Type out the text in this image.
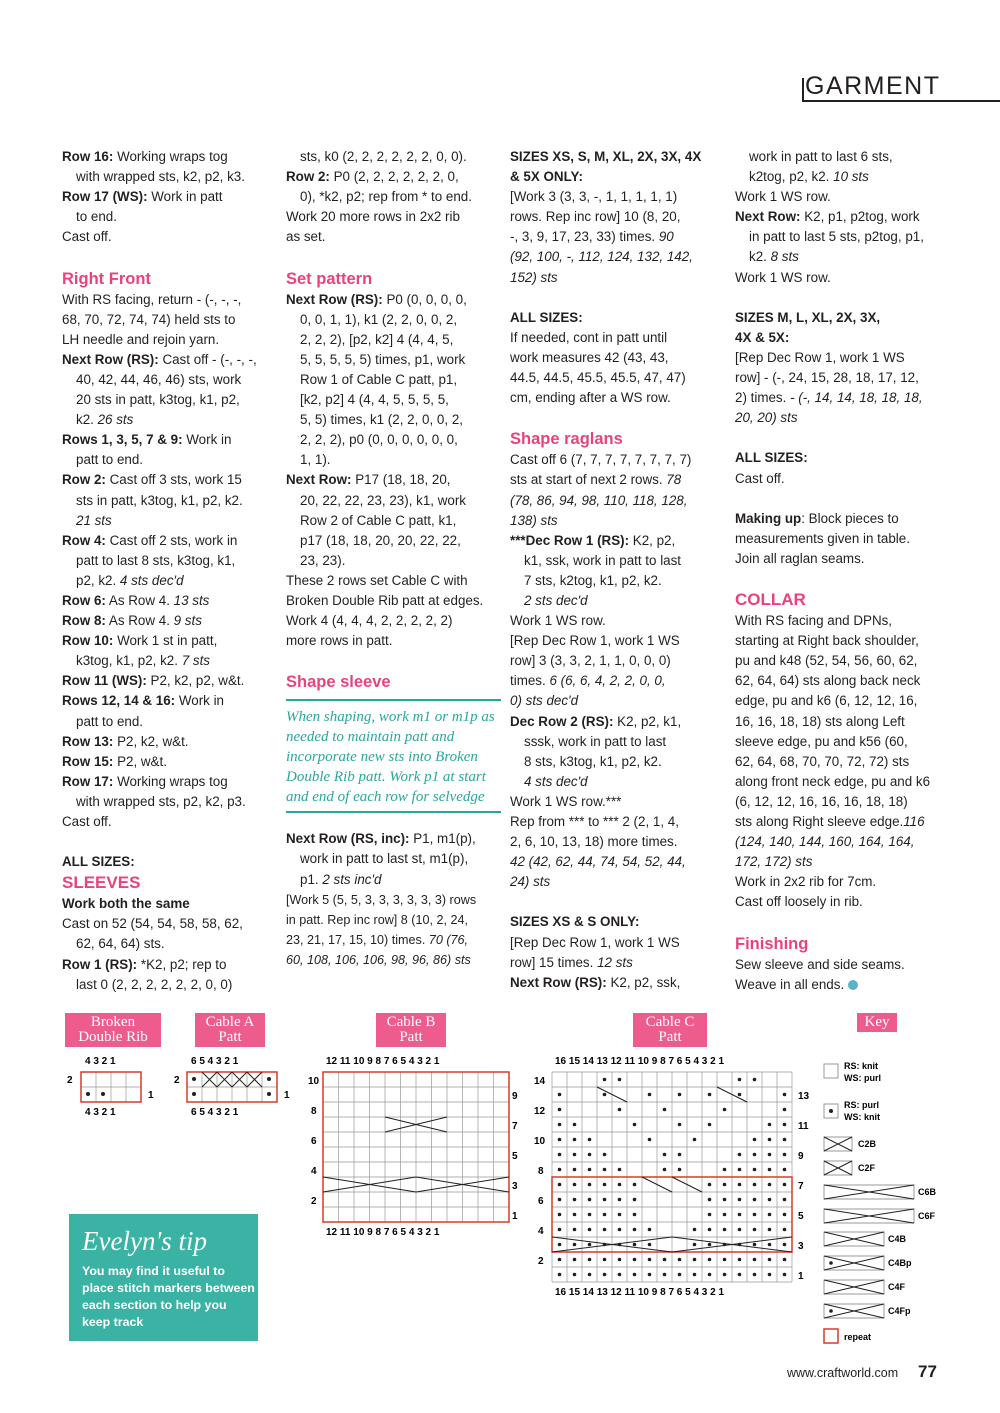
GARMENT

Row 16: Working wraps tog

with wrapped sts, k2, p2, k3.

Row 17 (WS): Work in patt

to end.

Cast off.

Right Front

With RS facing, return - (-, -, -,

68, 70, 72, 74, 74) held sts to

LH needle and rejoin yarn.

Next Row (RS): Cast off - (-, -, -,

40, 42, 44, 46, 46) sts, work

20 sts in patt, k3tog, k1, p2,

k2. 26 sts

Rows 1, 3, 5, 7 & 9: Work in

patt to end.

Row 2: Cast off 3 sts, work 15

sts in patt, k3tog, k1, p2, k2.

21 sts

Row 4: Cast off 2 sts, work in

patt to last 8 sts, k3tog, k1,

p2, k2. 4 sts dec'd

Row 6: As Row 4. 13 sts

Row 8: As Row 4. 9 sts

Row 10: Work 1 st in patt,

k3tog, k1, p2, k2. 7 sts

Row 11 (WS): P2, k2, p2, w&t.

Rows 12, 14 & 16: Work in

patt to end.

Row 13: P2, k2, w&t.

Row 15: P2, w&t.

Row 17: Working wraps tog

with wrapped sts, p2, k2, p3.

Cast off.

ALL SIZES:

SLEEVES

Work both the same

Cast on 52 (54, 54, 58, 58, 62,

62, 64, 64) sts.

Row 1 (RS): *K2, p2; rep to

last 0 (2, 2, 2, 2, 2, 2, 0, 0)

sts, k0 (2, 2, 2, 2, 2, 2, 0, 0).

Row 2: P0 (2, 2, 2, 2, 2, 2, 0,

0), *k2, p2; rep from * to end.

Work 20 more rows in 2x2 rib

as set.

Set pattern

Next Row (RS): P0 (0, 0, 0, 0,

0, 0, 1, 1), k1 (2, 2, 0, 0, 2,

2, 2, 2), [p2, k2] 4 (4, 4, 5,

5, 5, 5, 5, 5) times, p1, work

Row 1 of Cable C patt, p1,

[k2, p2] 4 (4, 4, 5, 5, 5, 5,

5, 5) times, k1 (2, 2, 0, 0, 2,

2, 2, 2), p0 (0, 0, 0, 0, 0, 0,

1, 1).

Next Row: P17 (18, 18, 20,

20, 22, 22, 23, 23), k1, work

Row 2 of Cable C patt, k1,

p17 (18, 18, 20, 20, 22, 22,

23, 23).

These 2 rows set Cable C with

Broken Double Rib patt at edges.

Work 4 (4, 4, 4, 2, 2, 2, 2, 2)

more rows in patt.

Shape sleeve

When shaping, work m1 or m1p as needed to maintain patt and incorporate new sts into Broken Double Rib patt. Work p1 at start and end of each row for selvedge

Next Row (RS, inc): P1, m1(p),

work in patt to last st, m1(p),

p1. 2 sts inc'd

[Work 5 (5, 5, 3, 3, 3, 3, 3, 3) rows

in patt. Rep inc row] 8 (10, 2, 24,

23, 21, 17, 15, 10) times. 70 (76,

60, 108, 106, 106, 98, 96, 86) sts

SIZES XS, S, M, XL, 2X, 3X, 4X

& 5X ONLY:

[Work 3 (3, 3, -, 1, 1, 1, 1, 1)

rows. Rep inc row] 10 (8, 20,

-, 3, 9, 17, 23, 33) times. 90

(92, 100, -, 112, 124, 132, 142,

152) sts

ALL SIZES:

If needed, cont in patt until

work measures 42 (43, 43,

44.5, 44.5, 45.5, 45.5, 47, 47)

cm, ending after a WS row.

Shape raglans

Cast off 6 (7, 7, 7, 7, 7, 7, 7, 7)

sts at start of next 2 rows. 78

(78, 86, 94, 98, 110, 118, 128,

138) sts

***Dec Row 1 (RS): K2, p2,

k1, ssk, work in patt to last

7 sts, k2tog, k1, p2, k2.

2 sts dec'd

Work 1 WS row.

[Rep Dec Row 1, work 1 WS

row] 3 (3, 3, 2, 1, 1, 0, 0, 0)

times. 6 (6, 6, 4, 2, 2, 0, 0,

0) sts dec'd

Dec Row 2 (RS): K2, p2, k1,

sssk, work in patt to last

8 sts, k3tog, k1, p2, k2.

4 sts dec'd

Work 1 WS row.***

Rep from *** to *** 2 (2, 1, 4,

2, 6, 10, 13, 18) more times.

42 (42, 62, 44, 74, 54, 52, 44,

24) sts

SIZES XS & S ONLY:

[Rep Dec Row 1, work 1 WS

row] 15 times. 12 sts

Next Row (RS): K2, p2, ssk,

work in patt to last 6 sts,

k2tog, p2, k2. 10 sts

Work 1 WS row.

Next Row: K2, p1, p2tog, work

in patt to last 5 sts, p2tog, p1,

k2. 8 sts

Work 1 WS row.

SIZES M, L, XL, 2X, 3X,

4X & 5X:

[Rep Dec Row 1, work 1 WS

row] - (-, 24, 15, 28, 18, 17, 12,

2) times. - (-, 14, 14, 18, 18, 18,

20, 20) sts

ALL SIZES:

Cast off.

Making up: Block pieces to

measurements given in table.

Join all raglan seams.

COLLAR

With RS facing and DPNs,

starting at Right back shoulder,

pu and k48 (52, 54, 56, 60, 62,

62, 64, 64) sts along back neck

edge, pu and k6 (6, 12, 12, 16,

16, 16, 18, 18) sts along Left

sleeve edge, pu and k56 (60,

62, 64, 68, 70, 70, 72, 72) sts

along front neck edge, pu and k6

(6, 12, 12, 16, 16, 16, 18, 18)

sts along Right sleeve edge.116

(124, 140, 144, 160, 164, 164,

172, 172) sts

Work in 2x2 rib for 7cm.

Cast off loosely in rib.

Finishing

Sew sleeve and side seams.

Weave in all ends.

Broken
Double Rib
Cable A
Patt
Cable B
Patt
Cable C
Patt
Key
4 3 2 1
2
1
4 3 2 1
6 5 4 3 2 1
2
1
6 5 4 3 2 1
12 11 10 9 8 7 6 5 4 3 2 1
10
8
6
4
2
9
7
5
3
1
12 11 10 9 8 7 6 5 4 3 2 1
16 15 14 13 12 11 10 9 8 7 6 5 4 3 2 1
14
12
10
8
6
4
2
13
11
9
7
5
3
1
16 15 14 13 12 11 10 9 8 7 6 5 4 3 2 1
RS: knit
WS: purl
RS: purl
WS: knit
C2B
C2F
C6B
C6F
C4B
C4Bp
C4F
C4Fp
repeat
Evelyn's tip
You may find it useful to place stitch markers between each section to help you keep track
www.craftworld.com 77
